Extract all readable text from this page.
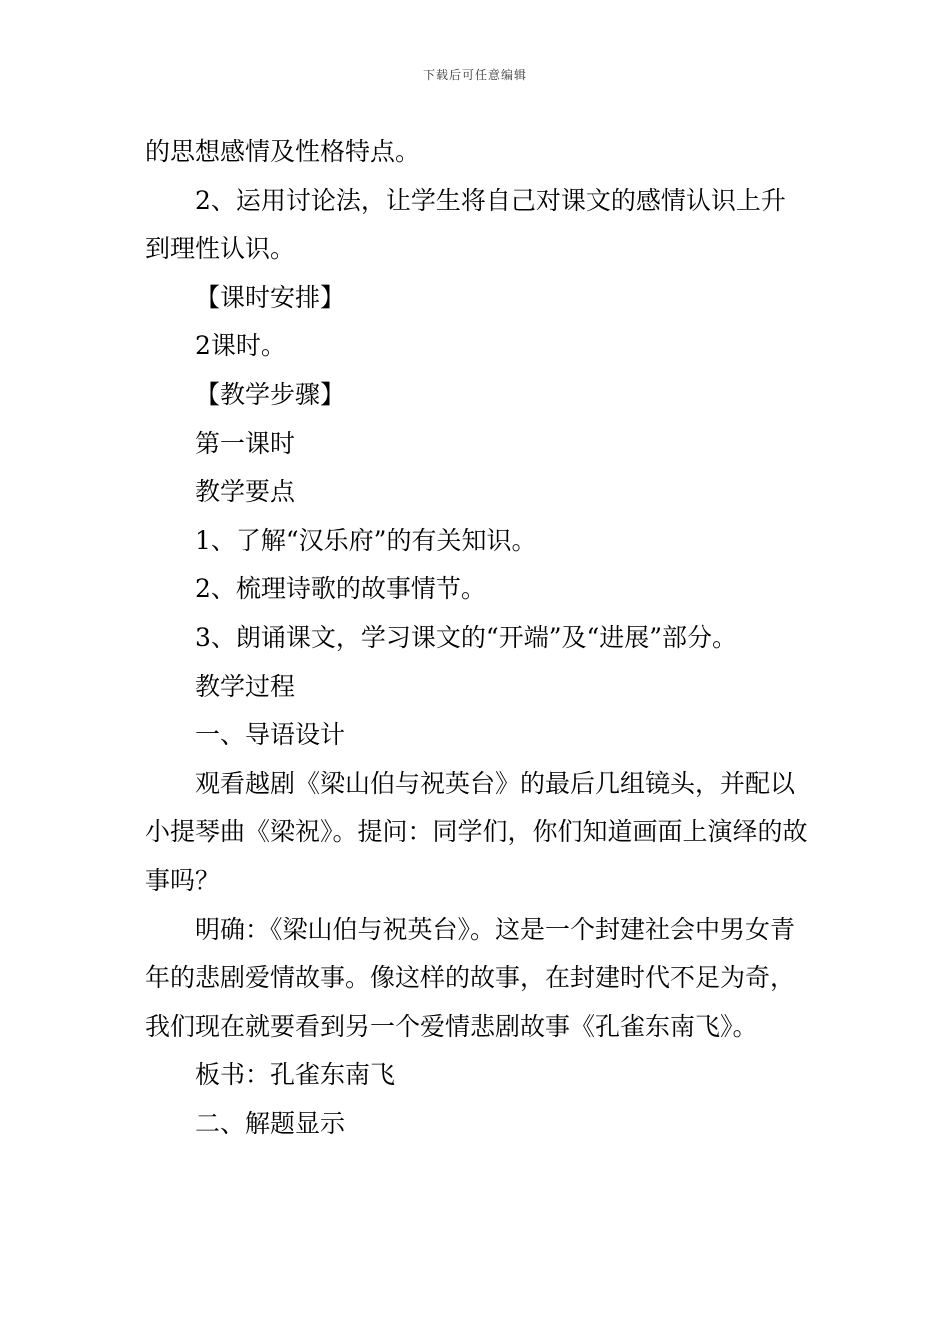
下载后可任意编辑

的思想感情及性格特点。

2、运用讨论法，让学生将自己对课文的感情认识上升到理性认识。

【课时安排】

2课时。

【教学步骤】

第一课时

教学要点

1、了解“汉乐府”的有关知识。

2、梳理诗歌的故事情节。

3、朗诵课文，学习课文的“开端”及“进展”部分。

教学过程

一、导语设计

观看越剧《梁山伯与祝英台》的最后几组镜头，并配以小提琴曲《梁祝》。提问：同学们，你们知道画面上演绎的故事吗？

明确：《梁山伯与祝英台》。这是一个封建社会中男女青年的悲剧爱情故事。像这样的故事，在封建时代不足为奇，我们现在就要看到另一个爱情悲剧故事《孔雀东南飞》。

板书：孔雀东南飞

二、解题显示
